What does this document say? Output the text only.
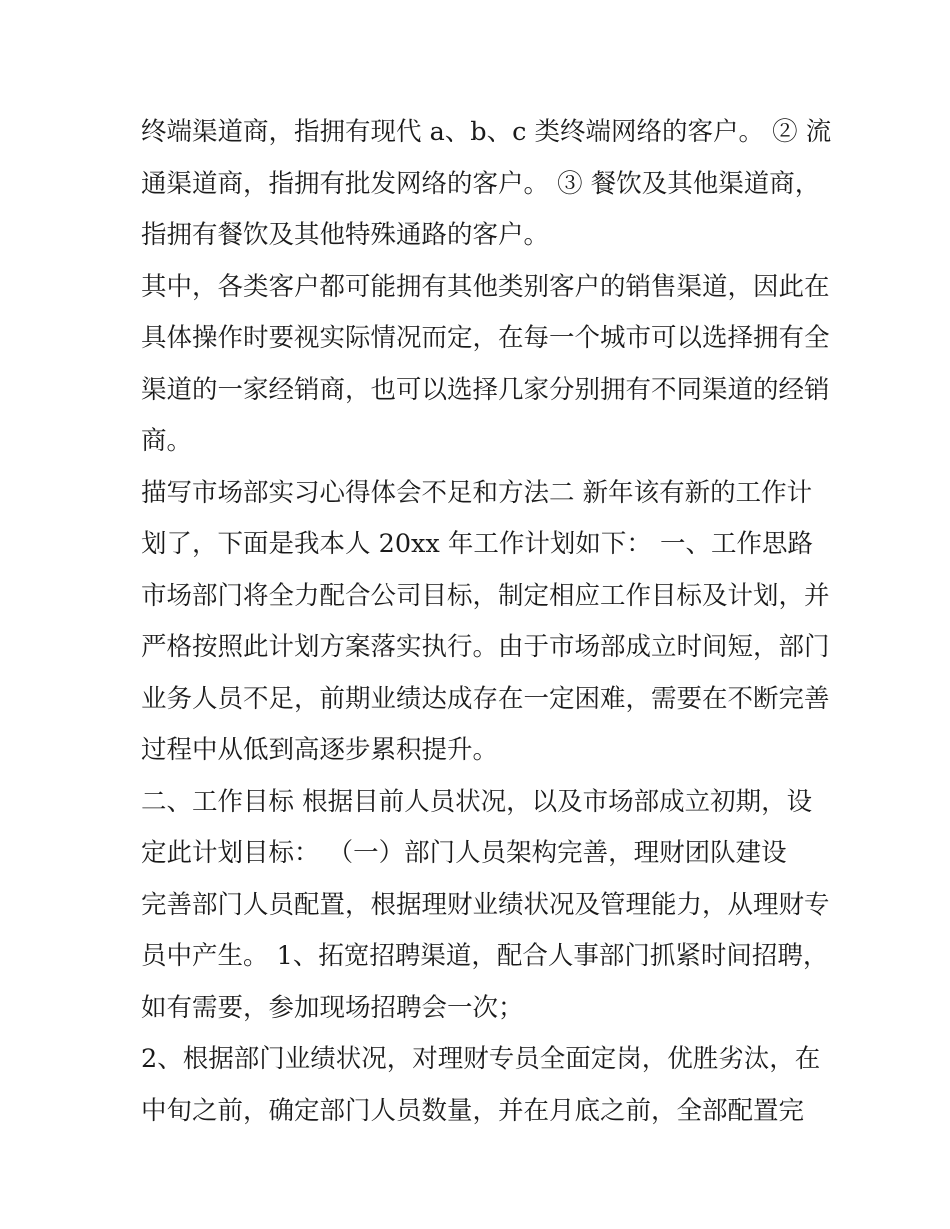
终端渠道商，指拥有现代 a、b、c 类终端网络的客户。 ② 流
通渠道商，指拥有批发网络的客户。 ③ 餐饮及其他渠道商，
指拥有餐饮及其他特殊通路的客户。
其中，各类客户都可能拥有其他类别客户的销售渠道，因此在
具体操作时要视实际情况而定，在每一个城市可以选择拥有全
渠道的一家经销商，也可以选择几家分别拥有不同渠道的经销
商。
描写市场部实习心得体会不足和方法二 新年该有新的工作计
划了，下面是我本人 20xx 年工作计划如下： 一、工作思路
市场部门将全力配合公司目标，制定相应工作目标及计划，并
严格按照此计划方案落实执行。由于市场部成立时间短，部门
业务人员不足，前期业绩达成存在一定困难，需要在不断完善
过程中从低到高逐步累积提升。
二、工作目标 根据目前人员状况，以及市场部成立初期，设
定此计划目标： （一）部门人员架构完善，理财团队建设
完善部门人员配置，根据理财业绩状况及管理能力，从理财专
员中产生。 1、拓宽招聘渠道，配合人事部门抓紧时间招聘，
如有需要，参加现场招聘会一次；
2、根据部门业绩状况，对理财专员全面定岗，优胜劣汰，在
中旬之前，确定部门人员数量，并在月底之前，全部配置完
